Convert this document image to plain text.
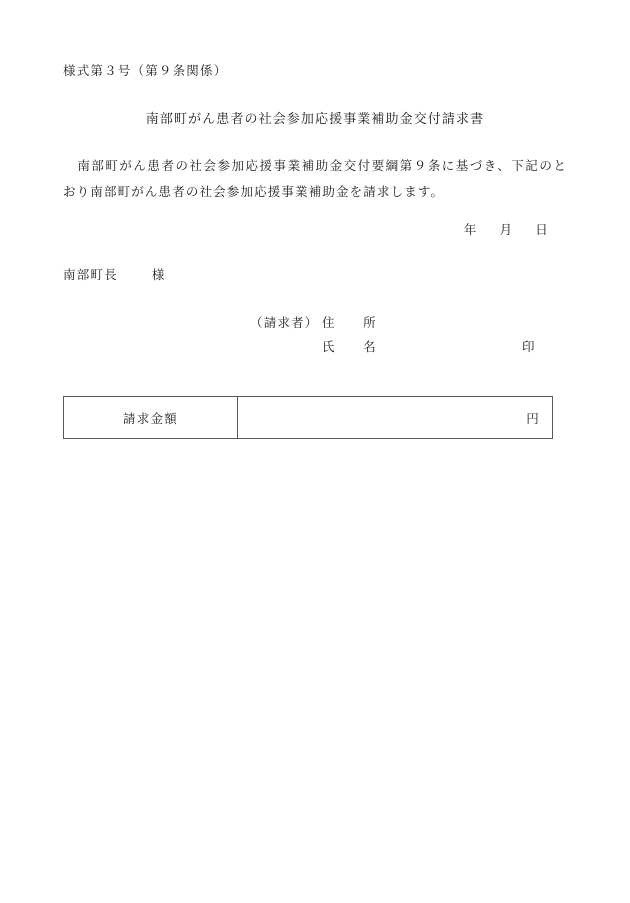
様式第３号（第９条関係）
南部町がん患者の社会参加応援事業補助金交付請求書
南部町がん患者の社会参加応援事業補助金交付要綱第９条に基づき、下記のとおり南部町がん患者の社会参加応援事業補助金を請求します。
年 月 日
南部町長	様
（請求者） 住　　所
氏　　名	印
請求金額	円
